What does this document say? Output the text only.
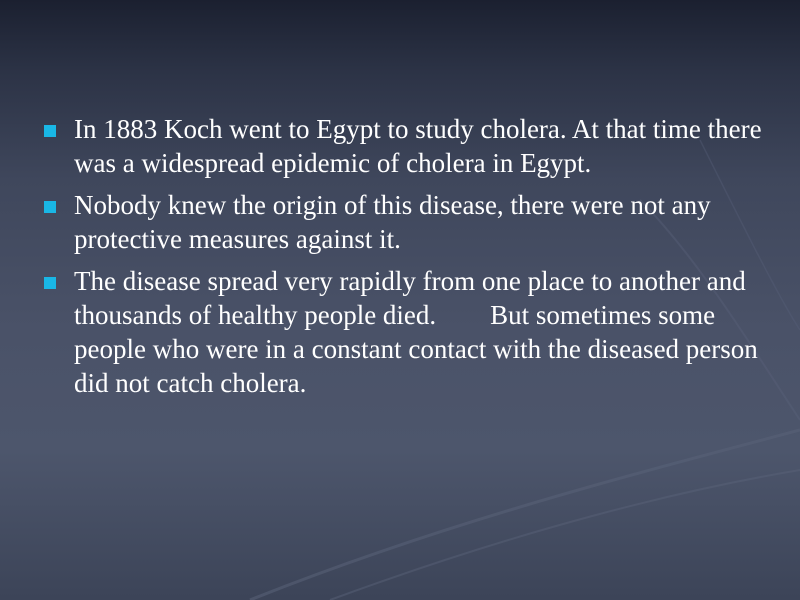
In 1883 Koch went to Egypt to study cholera. At that time there was a widespread epidemic of cholera in Egypt.
Nobody knew the origin of this disease, there were not any protective measures against it.
The disease spread very rapidly from one place to another and thousands of healthy people died.        But sometimes some people who were in a constant contact with the diseased person did not catch cholera.
